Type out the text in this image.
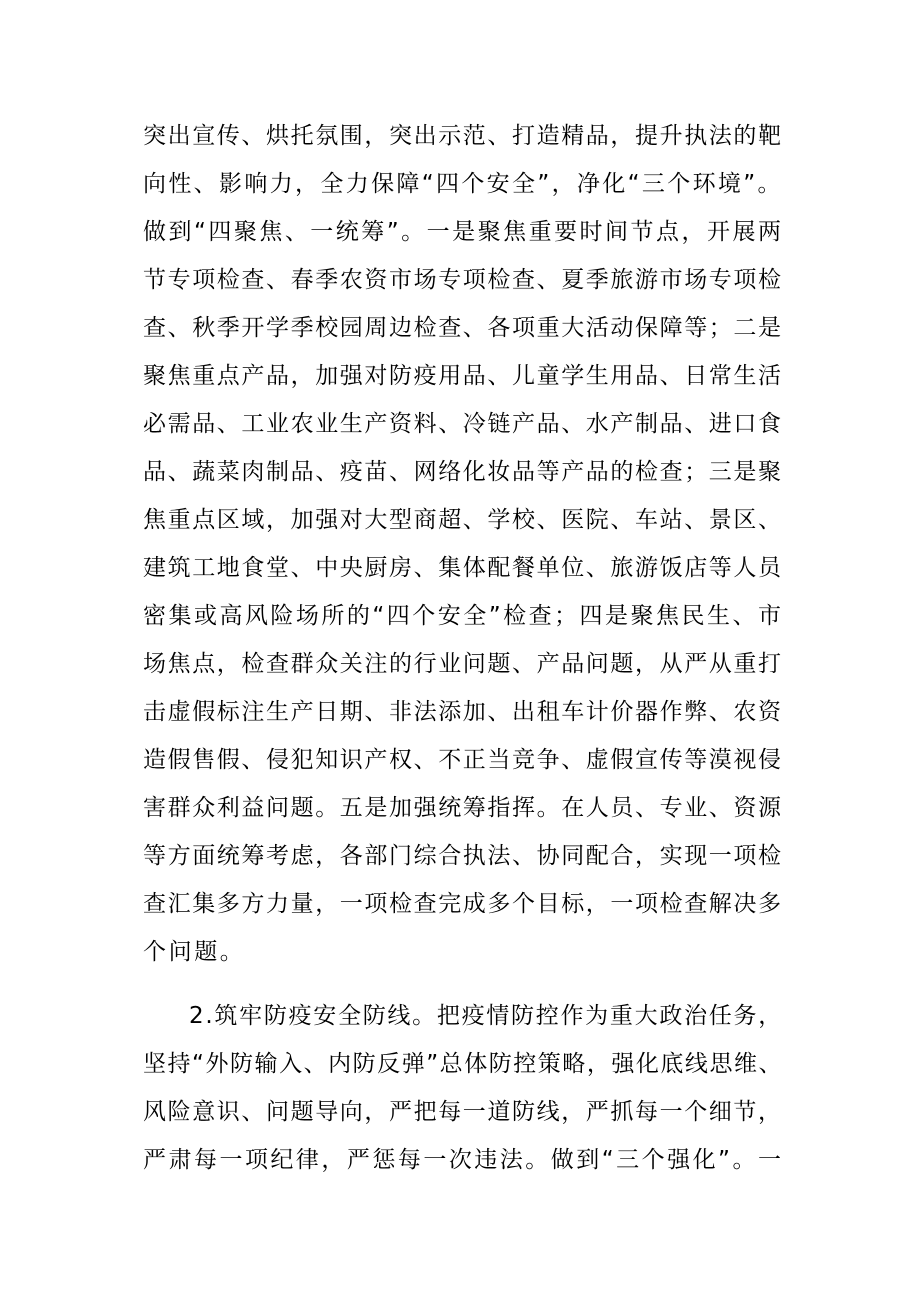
突出宣传、烘托氛围，突出示范、打造精品，提升执法的靶
向性、影响力，全力保障“四个安全”，净化“三个环境”。
做到“四聚焦、一统筹”。一是聚焦重要时间节点，开展两
节专项检查、春季农资市场专项检查、夏季旅游市场专项检
查、秋季开学季校园周边检查、各项重大活动保障等；二是
聚焦重点产品，加强对防疫用品、儿童学生用品、日常生活
必需品、工业农业生产资料、冷链产品、水产制品、进口食
品、蔬菜肉制品、疫苗、网络化妆品等产品的检查；三是聚
焦重点区域，加强对大型商超、学校、医院、车站、景区、
建筑工地食堂、中央厨房、集体配餐单位、旅游饭店等人员
密集或高风险场所的“四个安全”检查；四是聚焦民生、市
场焦点，检查群众关注的行业问题、产品问题，从严从重打
击虚假标注生产日期、非法添加、出租车计价器作弊、农资
造假售假、侵犯知识产权、不正当竞争、虚假宣传等漠视侵
害群众利益问题。五是加强统筹指挥。在人员、专业、资源
等方面统筹考虑，各部门综合执法、协同配合，实现一项检
查汇集多方力量，一项检查完成多个目标，一项检查解决多
个问题。
2.筑牢防疫安全防线。把疫情防控作为重大政治任务，
坚持“外防输入、内防反弹”总体防控策略，强化底线思维、
风险意识、问题导向，严把每一道防线，严抓每一个细节，
严肃每一项纪律，严惩每一次违法。做到“三个强化”。一
